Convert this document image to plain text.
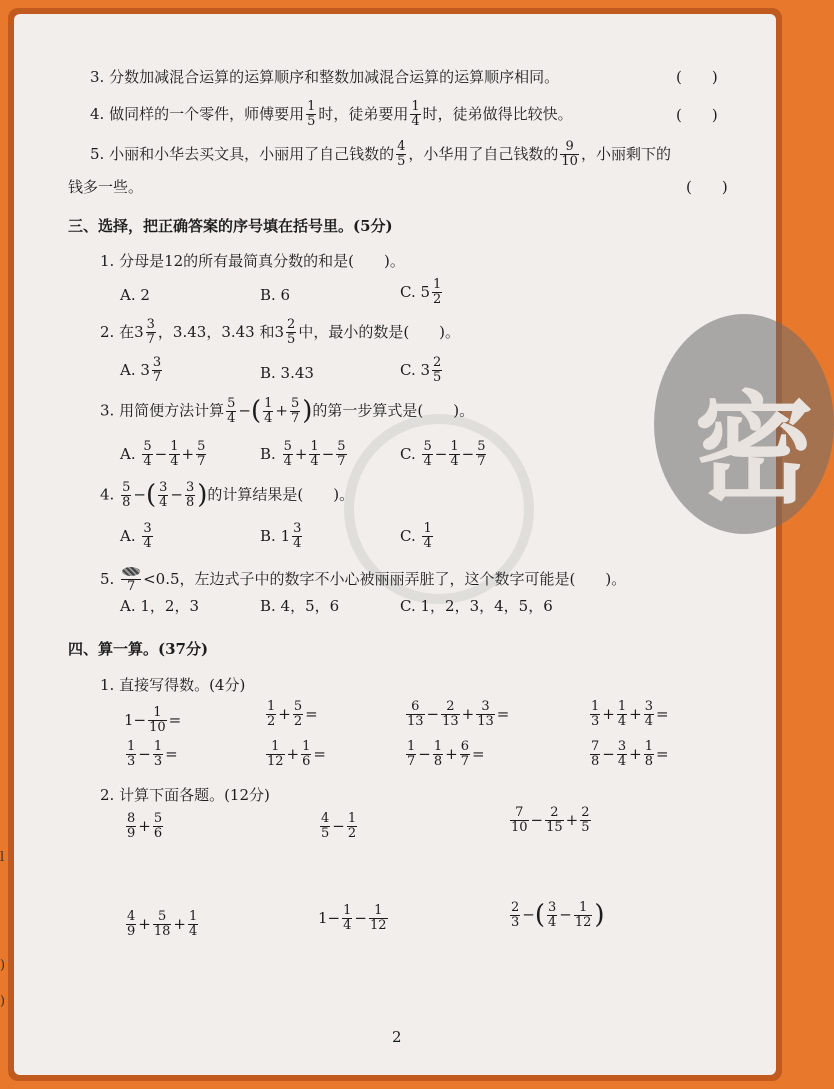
密
3. 分数加减混合运算的运算顺序和整数加减混合运算的运算顺序相同。	(　　)
4. 做同样的一个零件，师傅要用 $\frac{1}{5}$ 时，徒弟要用 $\frac{1}{4}$ 时，徒弟做得比较快。	(　　)
5. 小丽和小华去买文具，小丽用了自己钱数的 $\frac{4}{5}$ ，小华用了自己钱数的 $\frac{9}{10}$ ，小丽剩下的
钱多一些。	(　　)
三、选择，把正确答案的序号填在括号里。(5分)
1. 分母是12的所有最简真分数的和是(　　)。
A. 2	B. 6	C. $5 \frac{1}{2}$
2. 在$3 \frac{3}{7}$ ，3.43，3.4̇3 和$3 \frac{2}{5}$ 中，最小的数是(　　)。
A. $3 \frac{3}{7}$	B. 3.43	C. $3 \frac{2}{5}$
3. 用简便方法计算 $\frac{5}{4}$ −( $\frac{1}{4} + \frac{5}{7}$ )的第一步算式是(　　)。
A. $\frac{5}{4} - \frac{1}{4} + \frac{5}{7}$	B. $\frac{5}{4} + \frac{1}{4} - \frac{5}{7}$	C. $\frac{5}{4} - \frac{1}{4} - \frac{5}{7}$
4. $\frac{5}{8}$ −( $\frac{3}{4} - \frac{3}{8}$ )的计算结果是(　　)。
A. $\frac{3}{4}$	B. $1 \frac{3}{4}$	C. $\frac{1}{4}$
5. 7 <0.5，左边式子中的数字不小心被丽丽弄脏了，这个数字可能是(　　)。
A. 1，2，3	B. 4，5，6	C. 1，2，3，4，5，6
四、算一算。(37分)
1. 直接写得数。(4分)
$1- \frac{1}{10}$ =	$\frac{1}{2} + \frac{5}{2}$ =	$\frac{6}{13} - \frac{2}{13} + \frac{3}{13}$ =	$\frac{1}{3} + \frac{1}{4} + \frac{3}{4}$ =
$\frac{1}{3} - \frac{1}{3}$ =	$\frac{1}{12} + \frac{1}{6}$ =	$\frac{1}{7} - \frac{1}{8} + \frac{6}{7}$ =	$\frac{7}{8} - \frac{3}{4} + \frac{1}{8}$ =
2. 计算下面各题。(12分)
$\frac{8}{9} + \frac{5}{6}$	$\frac{4}{5} - \frac{1}{2}$	$\frac{7}{10} - \frac{2}{15} + \frac{2}{5}$
$\frac{4}{9} + \frac{5}{18} + \frac{1}{4}$	$1- \frac{1}{4} - \frac{1}{12}$	$\frac{2}{3}$ −( $\frac{3}{4} - \frac{1}{12}$ )
l
)
)
2
